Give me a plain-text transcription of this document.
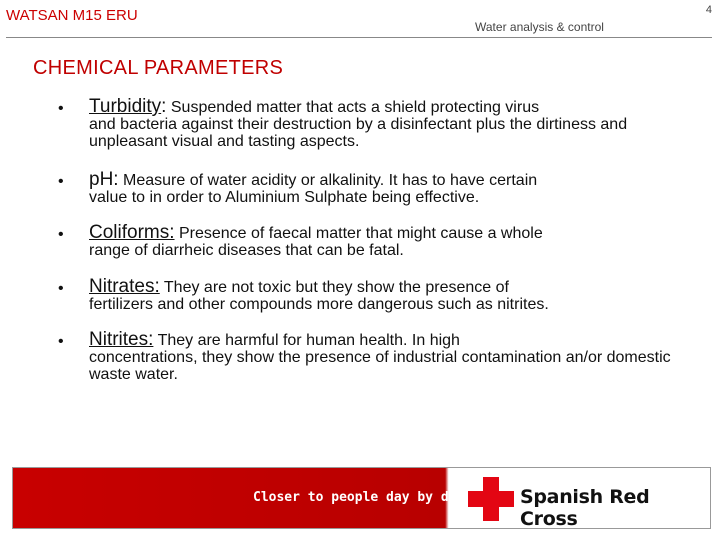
WATSAN M15 ERU
Water analysis & control
4
CHEMICAL PARAMETERS
• Turbidity: Suspended matter that acts a shield protecting virus
and bacteria against their destruction by a disinfectant plus the dirtiness and unpleasant visual and tasting aspects.
• pH: Measure of water acidity or alkalinity. It has to have certain
value to in order to Aluminium Sulphate being effective.
• Coliforms: Presence of faecal matter that might cause a whole
range of diarrheic diseases that can be fatal.
• Nitrates: They are not toxic but they show the presence of
fertilizers and other compounds more dangerous such as nitrites.
• Nitrites: They are harmful for human health. In high
concentrations, they show the presence of industrial contamination an/or domestic waste water.
Closer to people day by day	Spanish Red Cross
